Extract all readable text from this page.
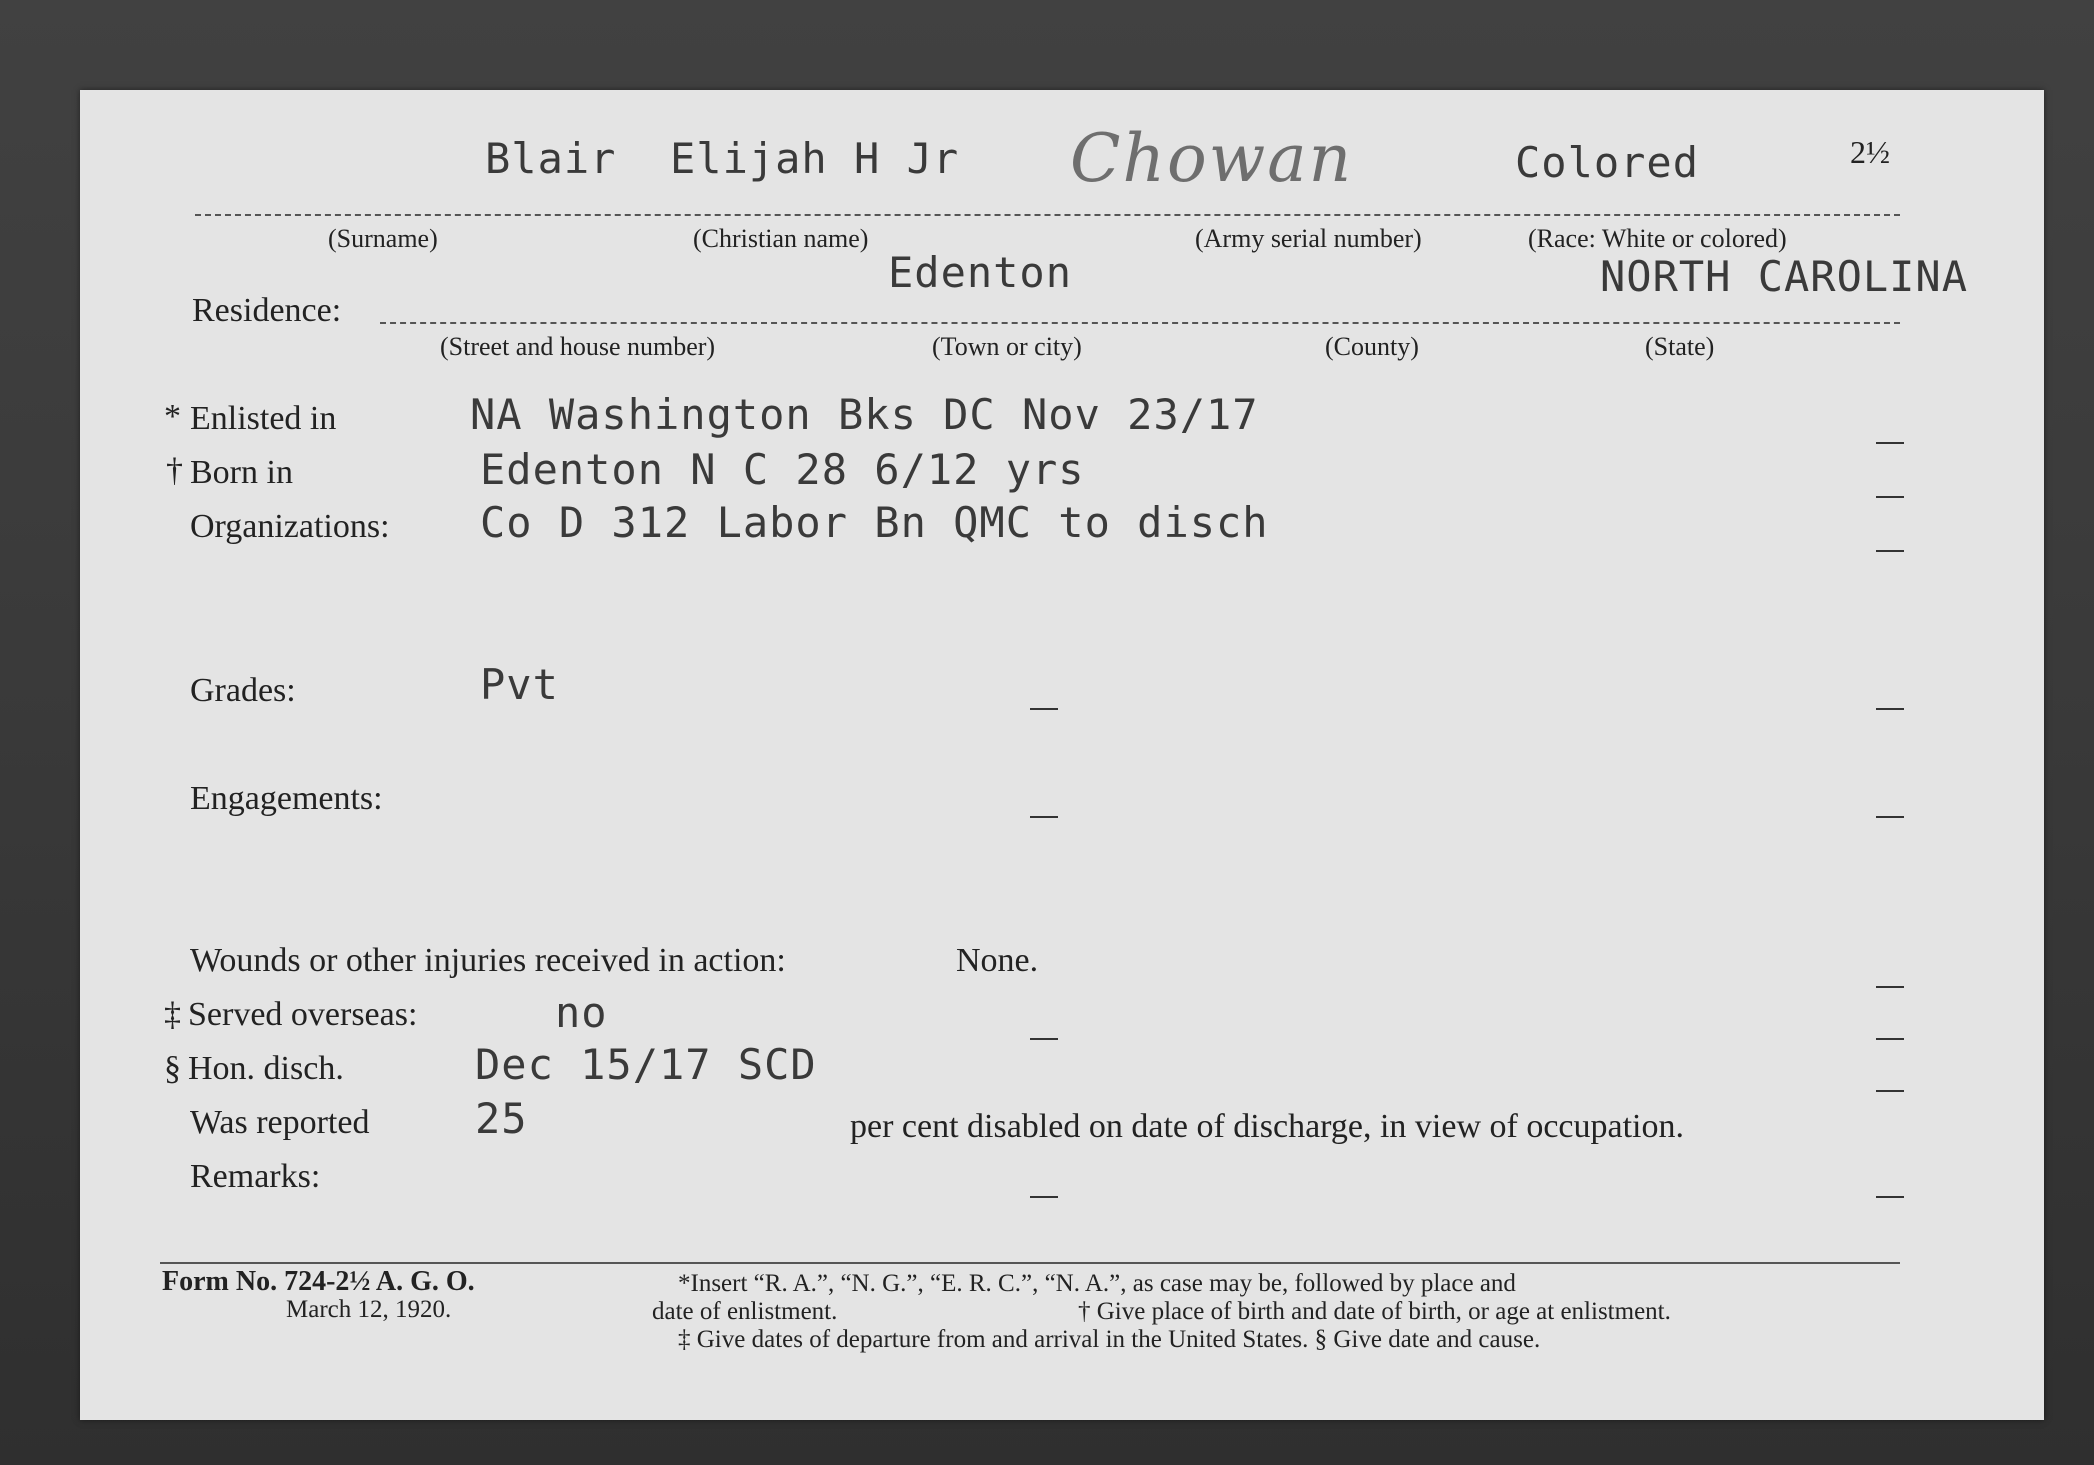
Blair Elijah H Jr Chowan	Colored	2½
(Surname)	(Christian name)	(Army serial number)	(Race: White or colored)
Edenton	NORTH CAROLINA
Residence:
(Street and house number)	(Town or city)	(County)	(State)
* Enlisted in	NA Washington Bks DC Nov 23/17
† Born in	Edenton N C 28 6/12 yrs
Organizations: Co D 312 Labor Bn QMC to disch
Grades:	Pvt
Engagements:
Wounds or other injuries received in action:	None.
‡ Served overseas:	no
§ Hon. disch.	Dec 15/17 SCD
Was reported	25	per cent disabled on date of discharge, in view of occupation.
Remarks:
Form No. 724-2½ A. G. O.
March 12, 1920.
*Insert “R. A.”, “N. G.”, “E. R. C.”, “N. A.”, as case may be, followed by place and
date of enlistment.	† Give place of birth and date of birth, or age at enlistment.
‡ Give dates of departure from and arrival in the United States. § Give date and cause.
